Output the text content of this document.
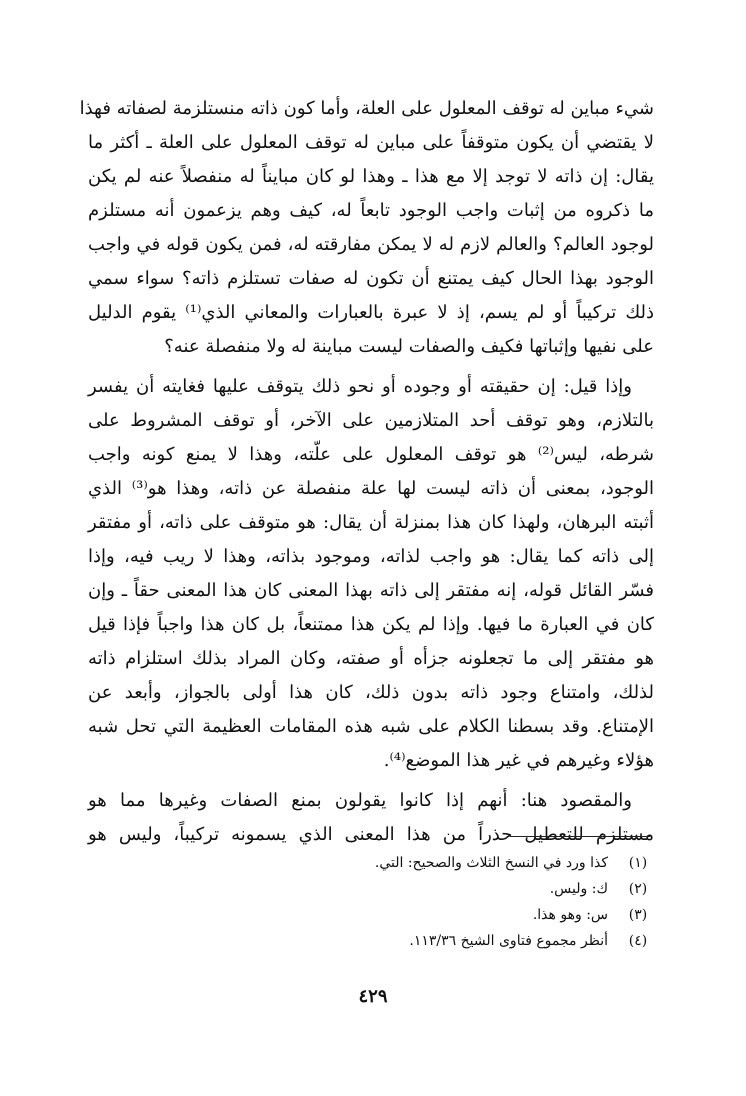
شيء مباين له توقف المعلول على العلة، وأما كون ذاته منستلزمة لصفاته فهذا
لا يقتضي أن يكون متوقفاً على مباين له توقف المعلول على العلة ـ أكثر ما
يقال: إن ذاته لا توجد إلا مع هذا ـ وهذا لو كان مبايناً له منفصلاً عنه لم يكن
ما ذكروه من إثبات واجب الوجود تابعاً له، كيف وهم يزعمون أنه مستلزم
لوجود العالم؟ والعالم لازم له لا يمكن مفارقته له، فمن يكون قوله في واجب
الوجود بهذا الحال كيف يمتنع أن تكون له صفات تستلزم ذاته؟ سواء سمي
ذلك تركيباً أو لم يسم، إذ لا عبرة بالعبارات والمعاني الذي⁽¹⁾ يقوم الدليل
على نفيها وإثباتها فكيف والصفات ليست مباينة له ولا منفصلة عنه؟

وإذا قيل: إن حقيقته أو وجوده أو نحو ذلك يتوقف عليها فغايته أن يفسر
بالتلازم، وهو توقف أحد المتلازمين على الآخر، أو توقف المشروط على
شرطه، ليس⁽²⁾ هو توقف المعلول على علّته، وهذا لا يمنع كونه واجب
الوجود، بمعنى أن ذاته ليست لها علة منفصلة عن ذاته، وهذا هو⁽³⁾ الذي
أثبته البرهان، ولهذا كان هذا بمنزلة أن يقال: هو متوقف على ذاته، أو مفتقر
إلى ذاته كما يقال: هو واجب لذاته، وموجود بذاته، وهذا لا ريب فيه، وإذا
فسّر القائل قوله، إنه مفتقر إلى ذاته بهذا المعنى كان هذا المعنى حقاً ـ وإن
كان في العبارة ما فيها. وإذا لم يكن هذا ممتنعاً، بل كان هذا واجباً فإذا قيل
هو مفتقر إلى ما تجعلونه جزأه أو صفته، وكان المراد بذلك استلزام ذاته
لذلك، وامتناع وجود ذاته بدون ذلك، كان هذا أولى بالجواز، وأبعد عن
الإمتناع. وقد بسطنا الكلام على شبه هذه المقامات العظيمة التي تحل شبه
هؤلاء وغيرهم في غير هذا الموضع⁽⁴⁾.

والمقصود هنا: أنهم إذا كانوا يقولون بمنع الصفات وغيرها مما هو
مستلزم للتعطيل حذراً من هذا المعنى الذي يسمونه تركيباً، وليس هو

(١)
كذا ورد في النسخ الثلاث والصحيح: التي.
(٢)
ك: وليس.
(٣)
س: وهو هذا.
(٤)
أنظر مجموع فتاوى الشيخ ١١٣/٣٦.
٤٢٩
